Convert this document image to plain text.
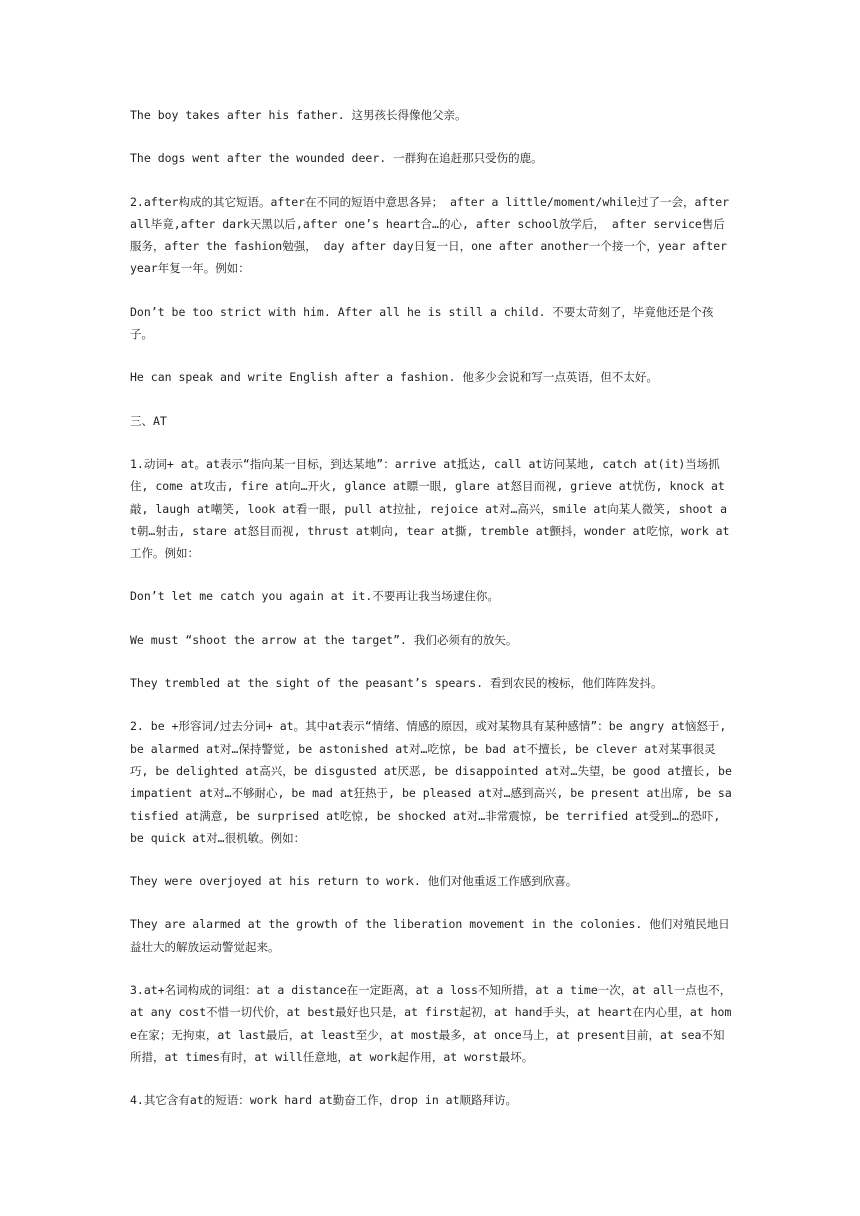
The boy takes after his father. 这男孩长得像他父亲。

The dogs went after the wounded deer. 一群狗在追赶那只受伤的鹿。

2.after构成的其它短语。after在不同的短语中意思各异； after a little/moment/while过了一会，after all毕竟,after dark天黑以后,after one’s heart合…的心, after school放学后， after service售后服务，after the fashion勉强， day after day日复一日，one after another一个接一个，year after year年复一年。例如：

Don’t be too strict with him. After all he is still a child. 不要太苛刻了，毕竟他还是个孩子。

He can speak and write English after a fashion. 他多少会说和写一点英语，但不太好。

三、AT

1.动词+ at。at表示“指向某一目标，到达某地”：arrive at抵达, call at访问某地, catch at(it)当场抓住, come at攻击, fire at向…开火, glance at瞟一眼, glare at怒目而视, grieve at忧伤, knock at敲, laugh at嘲笑, look at看一眼, pull at拉扯, rejoice at对…高兴，smile at向某人微笑, shoot at朝…射击, stare at怒目而视, thrust at刺向, tear at撕, tremble at颤抖，wonder at吃惊，work at工作。例如：

Don’t let me catch you again at it.不要再让我当场逮住你。

We must “shoot the arrow at the target”. 我们必须有的放矢。

They trembled at the sight of the peasant’s spears. 看到农民的梭标，他们阵阵发抖。

2. be +形容词/过去分词+ at。其中at表示“情绪、情感的原因，或对某物具有某种感情”：be angry at恼怒于, be alarmed at对…保持警觉, be astonished at对…吃惊, be bad at不擅长, be clever at对某事很灵巧, be delighted at高兴，be disgusted at厌恶, be disappointed at对…失望，be good at擅长, be impatient at对…不够耐心, be mad at狂热于, be pleased at对…感到高兴, be present at出席, be satisfied at满意, be surprised at吃惊, be shocked at对…非常震惊, be terrified at受到…的恐吓, be quick at对…很机敏。例如：

They were overjoyed at his return to work. 他们对他重返工作感到欣喜。

They are alarmed at the growth of the liberation movement in the colonies. 他们对殖民地日益壮大的解放运动警觉起来。

3.at+名词构成的词组：at a distance在一定距离，at a loss不知所措，at a time一次，at all一点也不，at any cost不惜一切代价，at best最好也只是，at first起初，at hand手头，at heart在内心里，at home在家；无拘束，at last最后，at least至少，at most最多，at once马上，at present目前，at sea不知所措，at times有时，at will任意地，at work起作用，at worst最坏。

4.其它含有at的短语：work hard at勤奋工作，drop in at顺路拜访。
